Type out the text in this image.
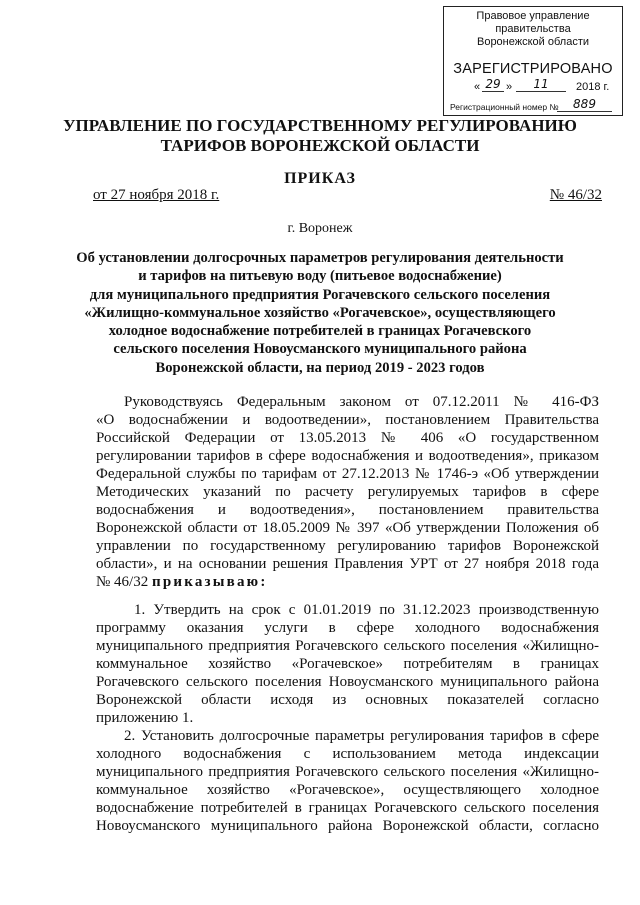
Правовое управление правительства
Воронежской области
ЗАРЕГИСТРИРОВАНО
« 29 »	11	2018 г.
Регистрационный номер №	889
УПРАВЛЕНИЕ ПО ГОСУДАРСТВЕННОМУ РЕГУЛИРОВАНИЮ
ТАРИФОВ ВОРОНЕЖСКОЙ ОБЛАСТИ
ПРИКАЗ
от 27 ноября 2018 г.	№ 46/32
г. Воронеж
Об установлении долгосрочных параметров регулирования деятельности
и тарифов на питьевую воду (питьевое водоснабжение)
для муниципального предприятия Рогачевского сельского поселения
«Жилищно-коммунальное хозяйство «Рогачевское», осуществляющего
холодное водоснабжение потребителей в границах Рогачевского
сельского поселения Новоусманского муниципального района
Воронежской области, на период 2019 - 2023 годов
Руководствуясь Федеральным законом от 07.12.2011 № 416-ФЗ
«О водоснабжении и водоотведении», постановлением Правительства
Российской Федерации от 13.05.2013 № 406 «О государственном
регулировании тарифов в сфере водоснабжения и водоотведения», приказом
Федеральной службы по тарифам от 27.12.2013 № 1746-э «Об утверждении
Методических указаний по расчету регулируемых тарифов в сфере
водоснабжения и водоотведения», постановлением правительства
Воронежской области от 18.05.2009 № 397 «Об утверждении Положения об
управлении по государственному регулированию тарифов Воронежской
области», и на основании решения Правления УРТ от 27 ноября 2018 года
№ 46/32 приказываю:
1. Утвердить на срок с 01.01.2019 по 31.12.2023 производственную
программу оказания услуги в сфере холодного водоснабжения
муниципального предприятия Рогачевского сельского поселения «Жилищно-
коммунальное хозяйство «Рогачевское» потребителям в границах
Рогачевского сельского поселения Новоусманского муниципального района
Воронежской области исходя из основных показателей согласно
приложению 1.
2. Установить долгосрочные параметры регулирования тарифов в сфере
холодного водоснабжения с использованием метода индексации
муниципального предприятия Рогачевского сельского поселения «Жилищно-
коммунальное хозяйство «Рогачевское», осуществляющего холодное
водоснабжение потребителей в границах Рогачевского сельского поселения
Новоусманского муниципального района Воронежской области, согласно
